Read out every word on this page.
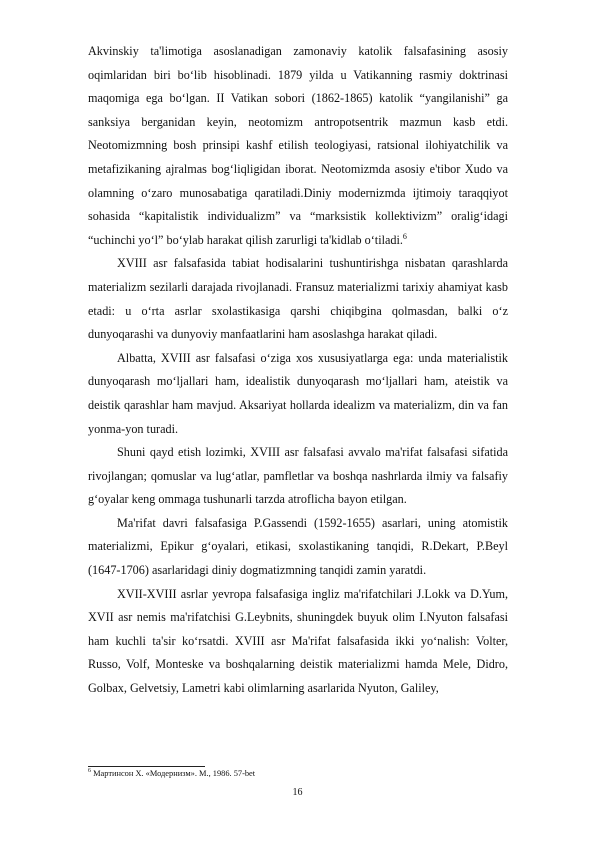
Akvinskiy ta'limotiga asoslanadigan zamonaviy katolik falsafasining asosiy oqimlaridan biri bo‘lib hisoblinadi. 1879 yilda u Vatikanning rasmiy doktrinasi maqomiga ega bo‘lgan. II Vatikan sobori (1862-1865) katolik “yangilanishi” ga sanksiya berganidan keyin, neotomizm antropotsentrik mazmun kasb etdi. Neotomizmning bosh prinsipi kashf etilish teologiyasi, ratsional ilohiyatchilik va metafizikaning ajralmas bog‘liqligidan iborat. Neotomizmda asosiy e'tibor Xudo va olamning o‘zaro munosabatiga qaratiladi.Diniy modernizmda ijtimoiy taraqqiyot sohasida “kapitalistik individualizm” va “marksistik kollektivizm” oralig‘idagi “uchinchi yo‘l” bo‘ylab harakat qilish zarurligi ta'kidlab o‘tiladi.$^6$

XVIII asr falsafasida tabiat hodisalarini tushuntirishga nisbatan qarashlarda materializm sezilarli darajada rivojlanadi. Fransuz materializmi tarixiy ahamiyat kasb etadi: u o‘rta asrlar sxolastikasiga qarshi chiqibgina qolmasdan, balki o‘z dunyoqarashi va dunyoviy manfaatlarini ham asoslashga harakat qiladi.

Albatta, XVIII asr falsafasi o‘ziga xos xususiyatlarga ega: unda materialistik dunyoqarash mo‘ljallari ham, idealistik dunyoqarash mo‘ljallari ham, ateistik va deistik qarashlar ham mavjud. Aksariyat hollarda idealizm va materializm, din va fan yonma-yon turadi.

Shuni qayd etish lozimki, XVIII asr falsafasi avvalo ma'rifat falsafasi sifatida rivojlangan; qomuslar va lug‘atlar, pamfletlar va boshqa nashrlarda ilmiy va falsafiy g‘oyalar keng ommaga tushunarli tarzda atroflicha bayon etilgan.

Ma'rifat davri falsafasiga P.Gassendi (1592-1655) asarlari, uning atomistik materializmi, Epikur g‘oyalari, etikasi, sxolastikaning tanqidi, R.Dekart, P.Beyl (1647-1706) asarlaridagi diniy dogmatizmning tanqidi zamin yaratdi.

XVII-XVIII asrlar yevropa falsafasiga ingliz ma'rifatchilari J.Lokk va D.Yum, XVII asr nemis ma'rifatchisi G.Leybnits, shuningdek buyuk olim I.Nyuton falsafasi ham kuchli ta'sir ko‘rsatdi. XVIII asr Ma'rifat falsafasida ikki yo‘nalish: Volter, Russo, Volf, Monteske va boshqalarning deistik materializmi hamda Mele, Didro, Golbax, Gelvetsiy, Lametri kabi olimlarning asarlarida Nyuton, Galiley,

$^6$ Мартинсон Х. «Модернизм». М., 1986. 57-bet
16
